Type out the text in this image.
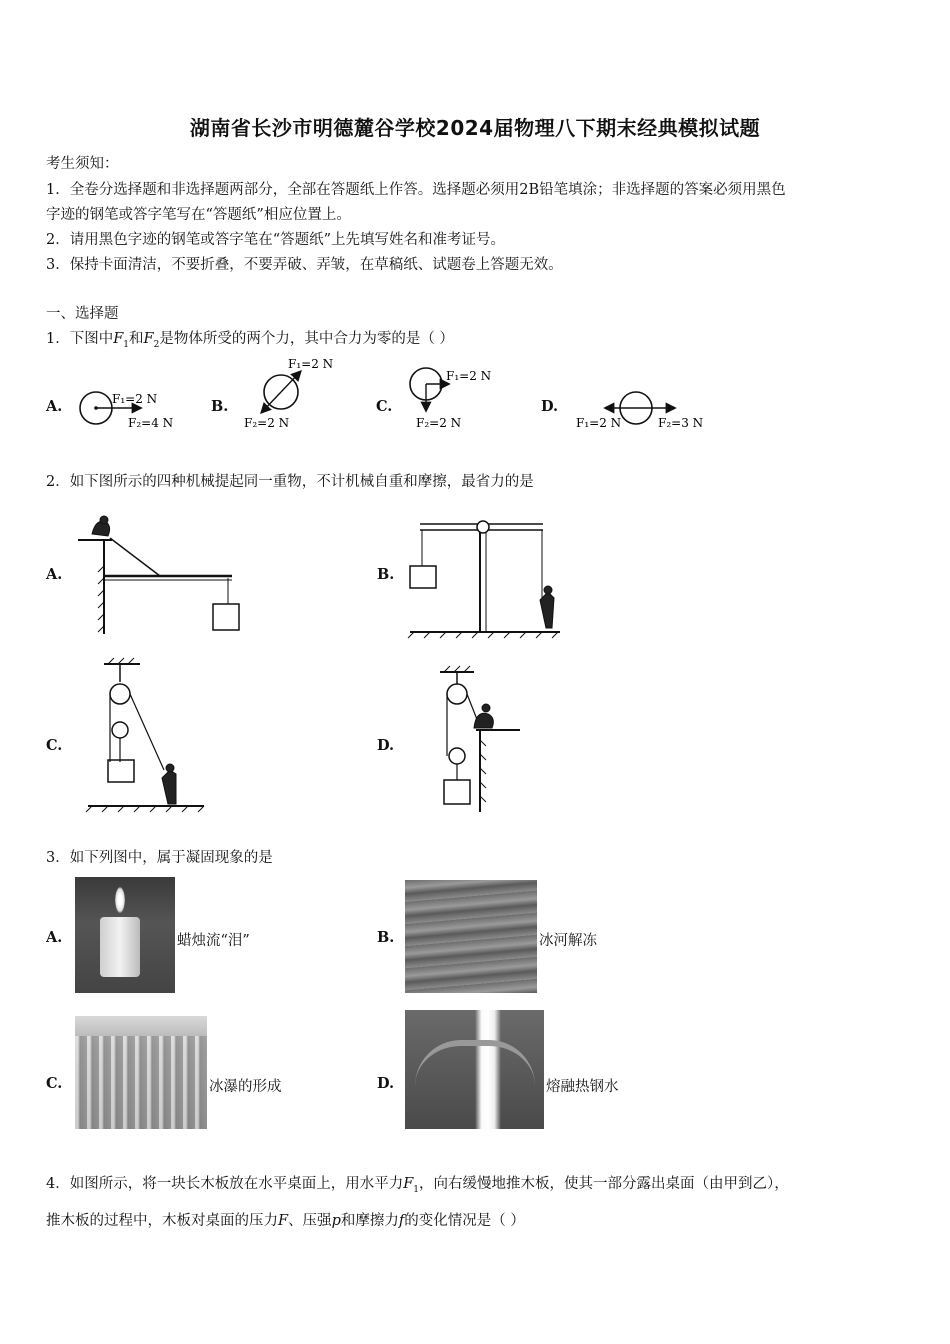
湖南省长沙市明德麓谷学校2024届物理八下期末经典模拟试题
考生须知：
1．全卷分选择题和非选择题两部分，全部在答题纸上作答。选择题必须用2B铅笔填涂；非选择题的答案必须用黑色
字迹的钢笔或答字笔写在“答题纸”相应位置上。
2．请用黑色字迹的钢笔或答字笔在“答题纸”上先填写姓名和准考证号。
3．保持卡面清洁，不要折叠，不要弄破、弄皱，在草稿纸、试题卷上答题无效。
一、选择题
1．下图中$F_1$和$F_2$是物体所受的两个力，其中合力为零的是（ ）
A.	B.	C.	D.
F₁=2 N
F₂=4 N
F₁=2 N
F₂=2 N
F₁=2 N
F₂=2 N	F₁=2 N	F₂=3 N
2．如下图所示的四种机械提起同一重物，不计机械自重和摩擦，最省力的是
A.	B.
C.	D.
3．如下列图中，属于凝固现象的是
A.	蜡烛流“泪”	B.	冰河解冻
C.	冰瀑的形成	D.	熔融热钢水
4．如图所示，将一块长木板放在水平桌面上，用水平力$F_1$，向右缓慢地推木板，使其一部分露出桌面（由甲到乙），
推木板的过程中，木板对桌面的压力F、压强p和摩擦力f的变化情况是（ ）
